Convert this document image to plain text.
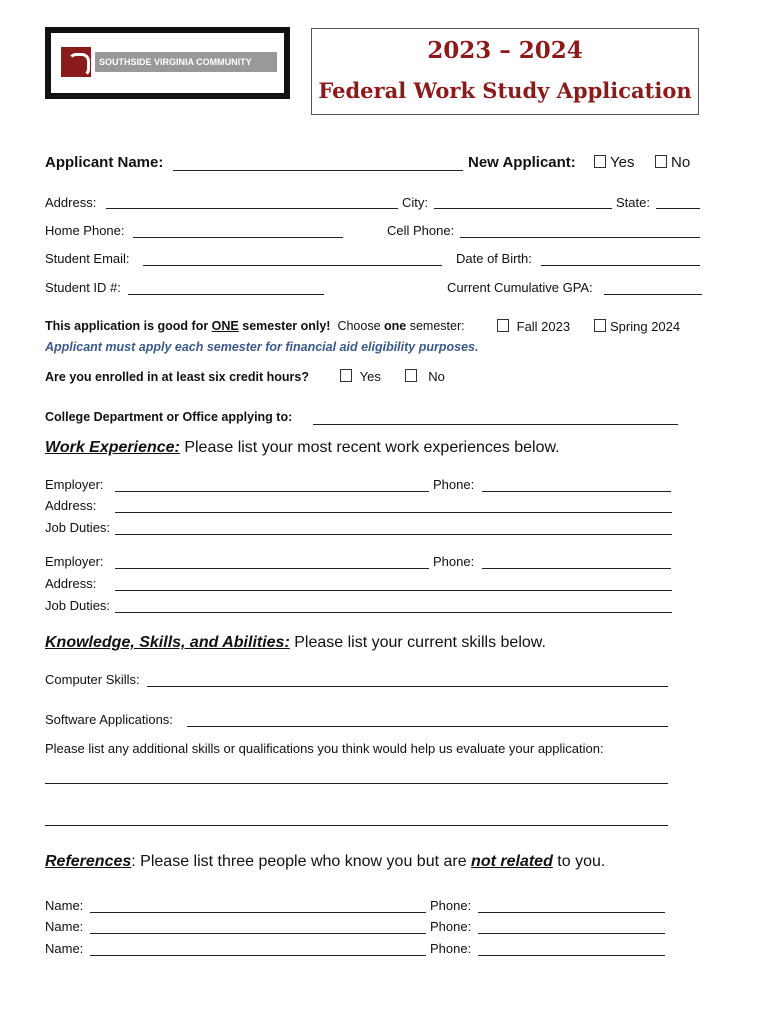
SOUTHSIDE VIRGINIA COMMUNITY COLLEGE
2023 – 2024
Federal Work Study Application
Applicant Name:	New Applicant:	Yes	No
Address:	City:	State:
Home Phone:	Cell Phone:
Student Email:	Date of Birth:
Student ID #:	Current Cumulative GPA:
This application is good for ONE semester only! Choose one semester:	Fall 2023	Spring 2024
Applicant must apply each semester for financial aid eligibility purposes.
Are you enrolled in at least six credit hours?	Yes	No
College Department or Office applying to:
Work Experience: Please list your most recent work experiences below.
Employer:	Phone:
Address:
Job Duties:
Employer:	Phone:
Address:
Job Duties:
Knowledge, Skills, and Abilities: Please list your current skills below.
Computer Skills:
Software Applications:
Please list any additional skills or qualifications you think would help us evaluate your application:
References: Please list three people who know you but are not related to you.
Name:	Phone:
Name:	Phone:
Name:	Phone:
